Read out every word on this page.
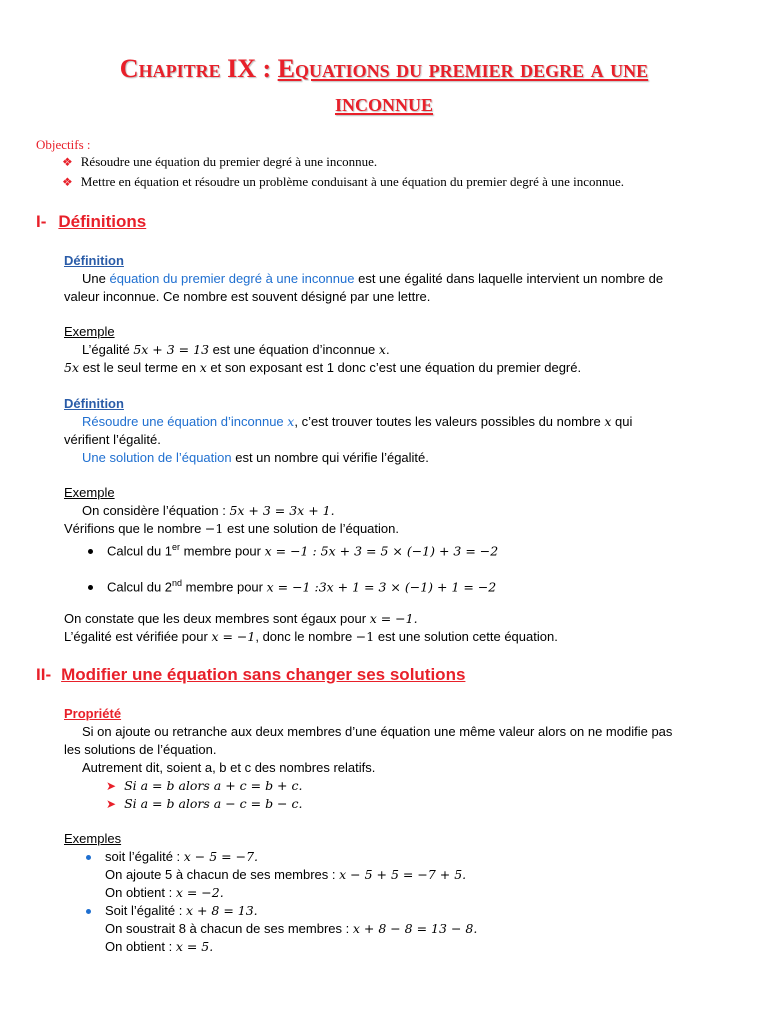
Chapitre IX : Equations du premier degre a une
inconnue
Objectifs :
❖ Résoudre une équation du premier degré à une inconnue.
❖ Mettre en équation et résoudre un problème conduisant à une équation du premier degré à une inconnue.
I- Définitions
Définition
Une équation du premier degré à une inconnue est une égalité dans laquelle intervient un nombre de
valeur inconnue. Ce nombre est souvent désigné par une lettre.
Exemple
L’égalité 5x + 3 = 13 est une équation d’inconnue x.
5x est le seul terme en x et son exposant est 1 donc c’est une équation du premier degré.
Définition
Résoudre une équation d’inconnue x, c’est trouver toutes les valeurs possibles du nombre x qui
vérifient l’égalité.
Une solution de l’équation est un nombre qui vérifie l’égalité.
Exemple
On considère l’équation : 5x + 3 = 3x + 1.
Vérifions que le nombre −1 est une solution de l’équation.
Calcul du 1er membre pour x = −1 : 5x + 3 = 5 × (−1) + 3 = −2
Calcul du 2nd membre pour x = −1 :3x + 1 = 3 × (−1) + 1 = −2
On constate que les deux membres sont égaux pour x = −1.
L’égalité est vérifiée pour x = −1, donc le nombre −1 est une solution cette équation.
II- Modifier une équation sans changer ses solutions
Propriété
Si on ajoute ou retranche aux deux membres d’une équation une même valeur alors on ne modifie pas
les solutions de l’équation.
Autrement dit, soient a, b et c des nombres relatifs.
➤ Si a = b alors a + c = b + c.
➤ Si a = b alors a − c = b − c.
Exemples
soit l’égalité : x − 5 = −7.
On ajoute 5 à chacun de ses membres : x − 5 + 5 = −7 + 5.
On obtient : x = −2.
Soit l’égalité : x + 8 = 13.
On soustrait 8 à chacun de ses membres : x + 8 − 8 = 13 − 8.
On obtient : x = 5.
